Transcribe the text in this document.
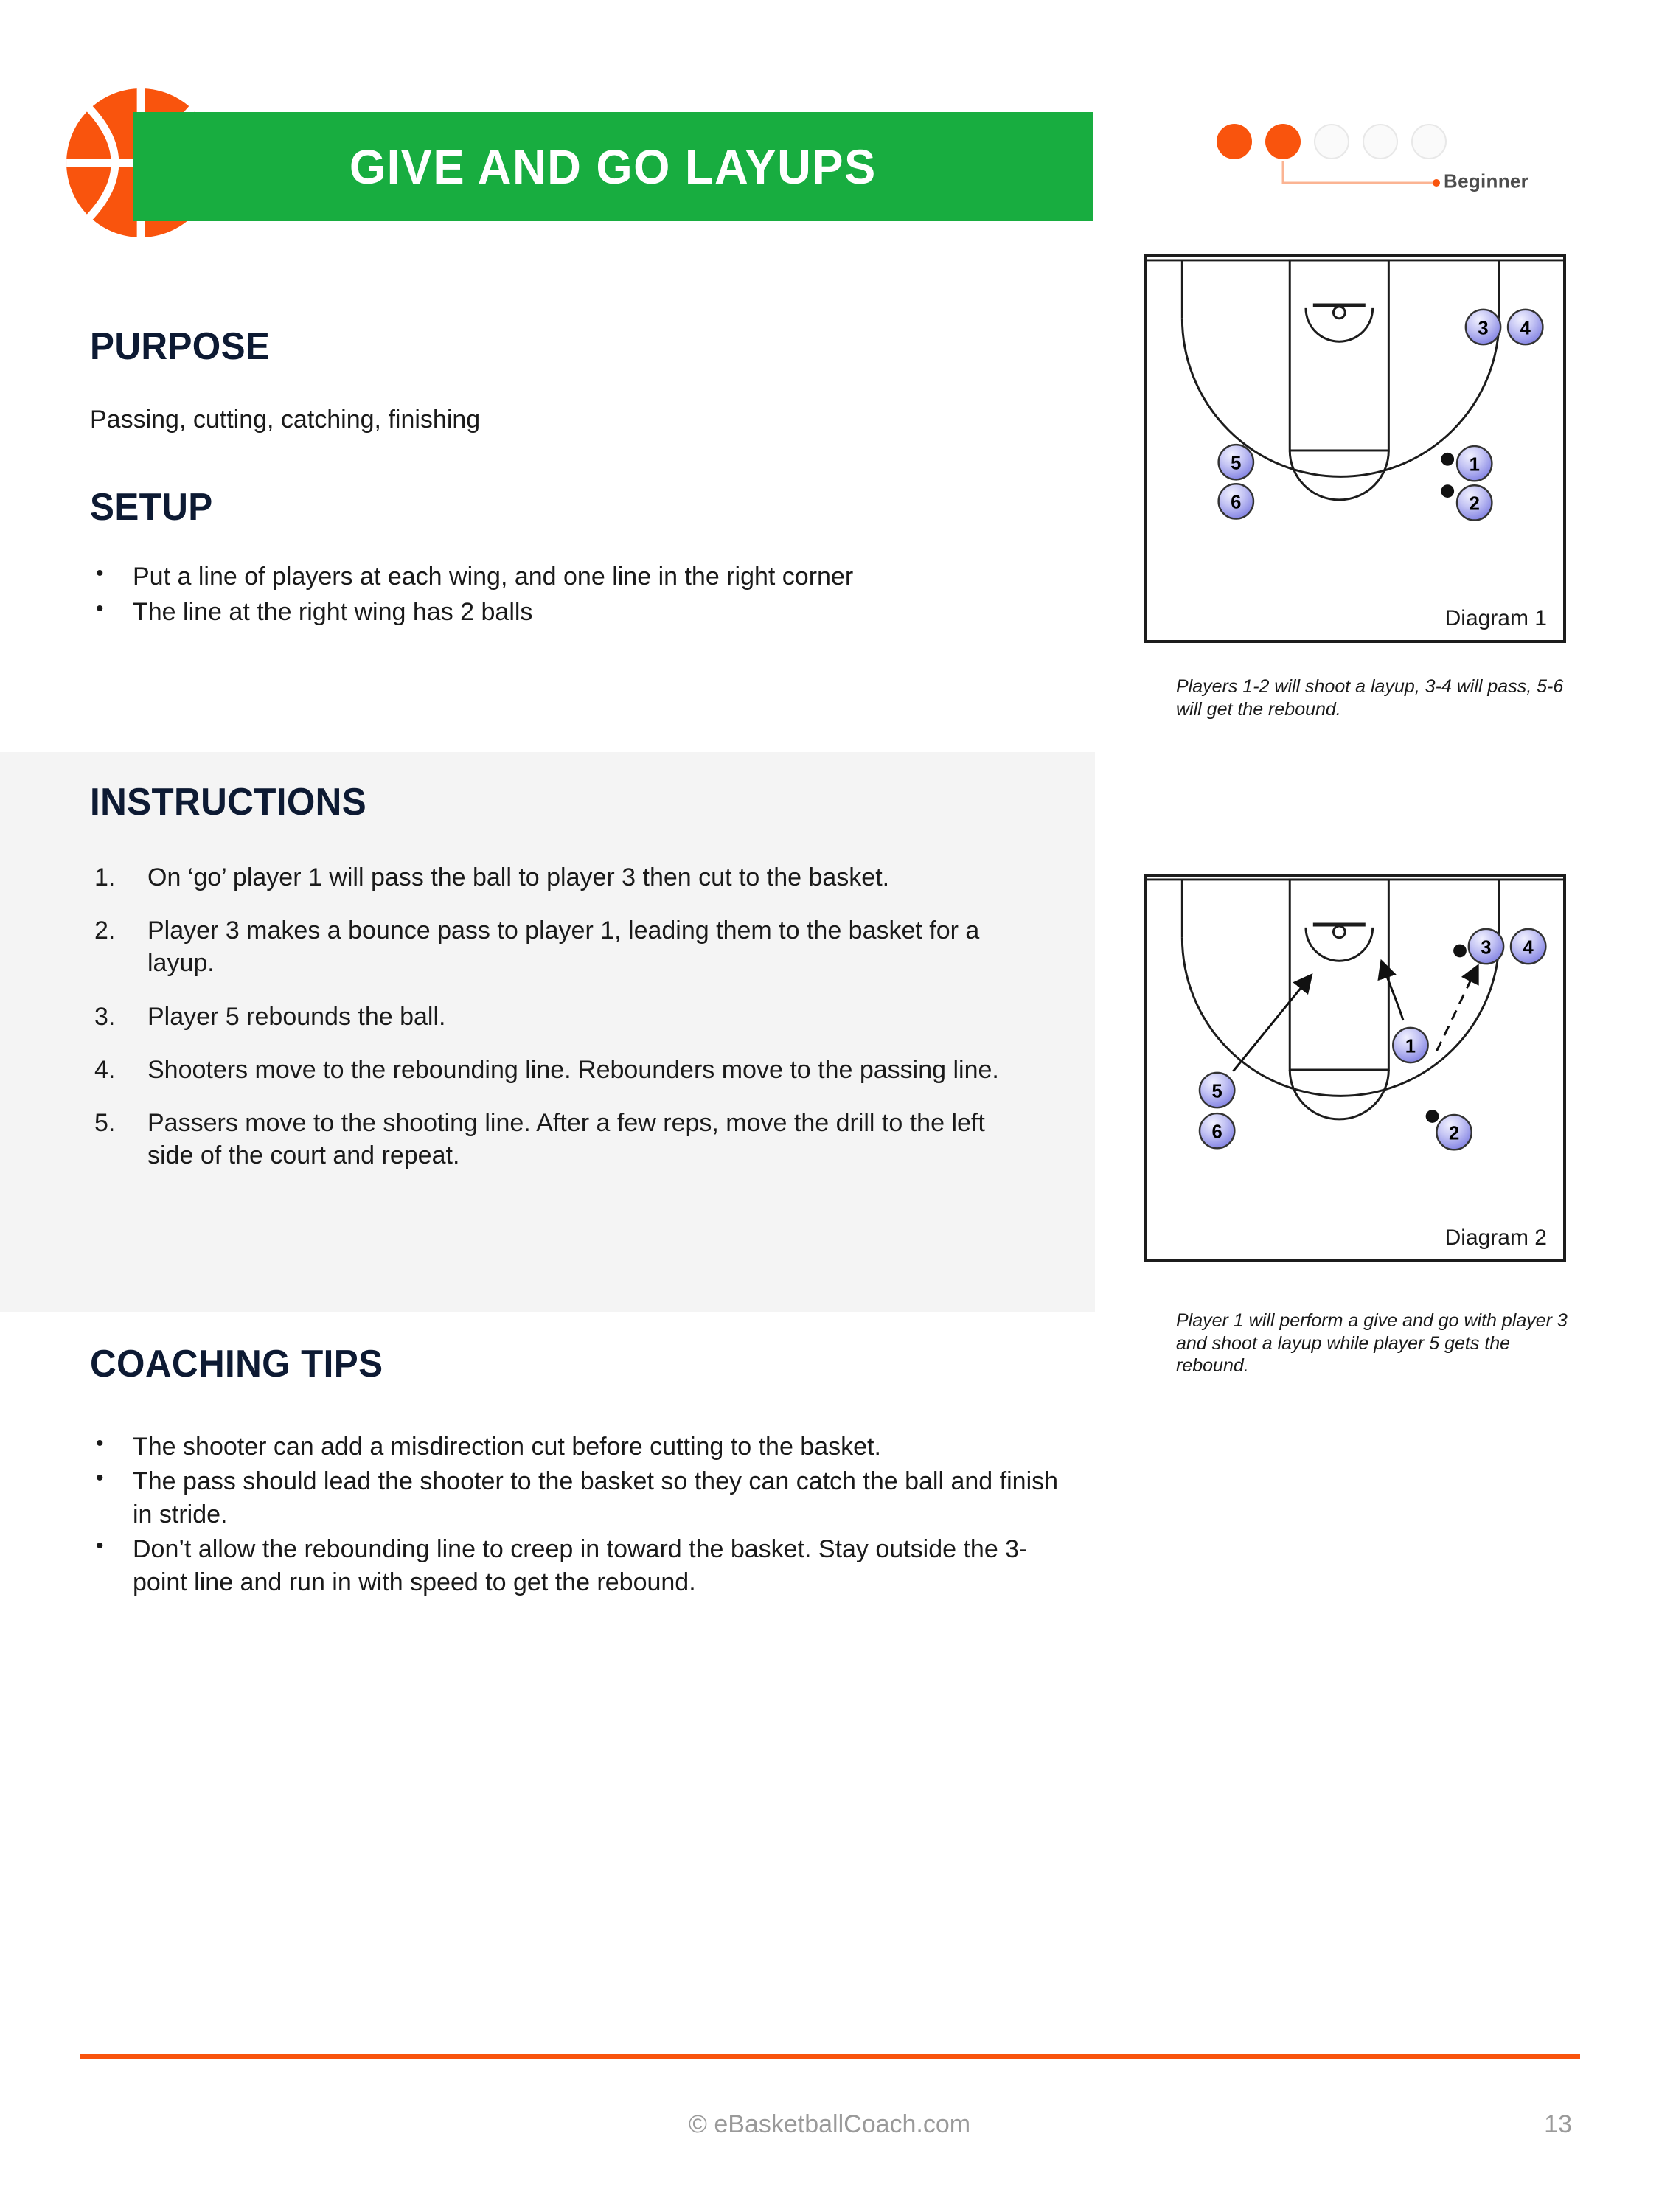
GIVE AND GO LAYUPS	Beginner
PURPOSE
Passing, cutting, catching, finishing
SETUP
• Put a line of players at each wing, and one line in the right corner
• The line at the right wing has 2 balls
INSTRUCTIONS
On ‘go’ player 1 will pass the ball to player 3 then cut to the basket.
Player 3 makes a bounce pass to player 1, leading them to the basket for a layup.
Player 5 rebounds the ball.
Shooters move to the rebounding line. Rebounders move to the passing line.
Passers move to the shooting line. After a few reps, move the drill to the left side of the court and repeat.
COACHING TIPS
• The shooter can add a misdirection cut before cutting to the basket.
• The pass should lead the shooter to the basket so they can catch the ball and finish in stride.
• Don’t allow the rebounding line to creep in toward the basket. Stay outside the 3-point line and run in with speed to get the rebound.
3 4
5
6
1
2
Diagram 1
Players 1-2 will shoot a layup, 3-4 will pass, 5-6 will get the rebound.
3 4
1
5
6	2
Diagram 2
Player 1 will perform a give and go with player 3 and shoot a layup while player 5 gets the rebound.
© eBasketballCoach.com	13
